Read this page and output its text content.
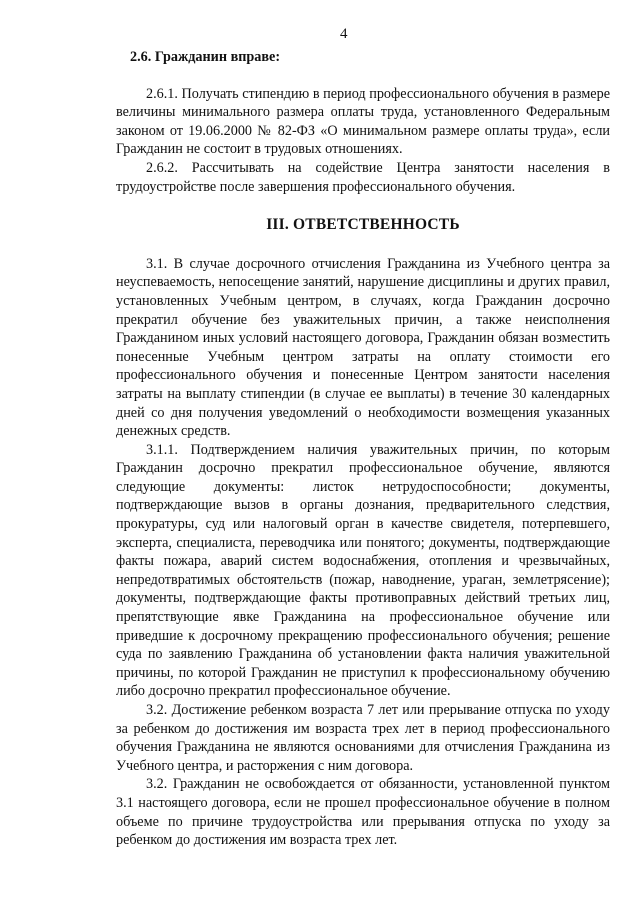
4

2.6. Гражданин вправе:

2.6.1. Получать стипендию в период профессионального обучения в размере величины минимального размера оплаты труда, установленного Федеральным законом от 19.06.2000 № 82-ФЗ «О минимальном размере оплаты труда», если Гражданин не состоит в трудовых отношениях.

2.6.2. Рассчитывать на содействие Центра занятости населения в трудоустройстве после завершения профессионального обучения.

III. ОТВЕТСТВЕННОСТЬ

3.1. В случае досрочного отчисления Гражданина из Учебного центра за неуспеваемость, непосещение занятий, нарушение дисциплины и других правил, установленных Учебным центром, в случаях, когда Гражданин досрочно прекратил обучение без уважительных причин, а также неисполнения Гражданином иных условий настоящего договора, Гражданин обязан возместить понесенные Учебным центром затраты на оплату стоимости его профессионального обучения и понесенные Центром занятости населения затраты на выплату стипендии (в случае ее выплаты) в течение 30 календарных дней со дня получения уведомлений о необходимости возмещения указанных денежных средств.

3.1.1. Подтверждением наличия уважительных причин, по которым Гражданин досрочно прекратил профессиональное обучение, являются следующие документы: листок нетрудоспособности; документы, подтверждающие вызов в органы дознания, предварительного следствия, прокуратуры, суд или налоговый орган в качестве свидетеля, потерпевшего, эксперта, специалиста, переводчика или понятого; документы, подтверждающие факты пожара, аварий систем водоснабжения, отопления и чрезвычайных, непредотвратимых обстоятельств (пожар, наводнение, ураган, землетрясение); документы, подтверждающие факты противоправных действий третьих лиц, препятствующие явке Гражданина на профессиональное обучение или приведшие к досрочному прекращению профессионального обучения; решение суда по заявлению Гражданина об установлении факта наличия уважительной причины, по которой Гражданин не приступил к профессиональному обучению либо досрочно прекратил профессиональное обучение.

3.2. Достижение ребенком возраста 7 лет или прерывание отпуска по уходу за ребенком до достижения им возраста трех лет в период профессионального обучения Гражданина не являются основаниями для отчисления Гражданина из Учебного центра, и расторжения с ним договора.

3.2. Гражданин не освобождается от обязанности, установленной пунктом 3.1 настоящего договора, если не прошел профессиональное обучение в полном объеме по причине трудоустройства или прерывания отпуска по уходу за ребенком до достижения им возраста трех лет.
